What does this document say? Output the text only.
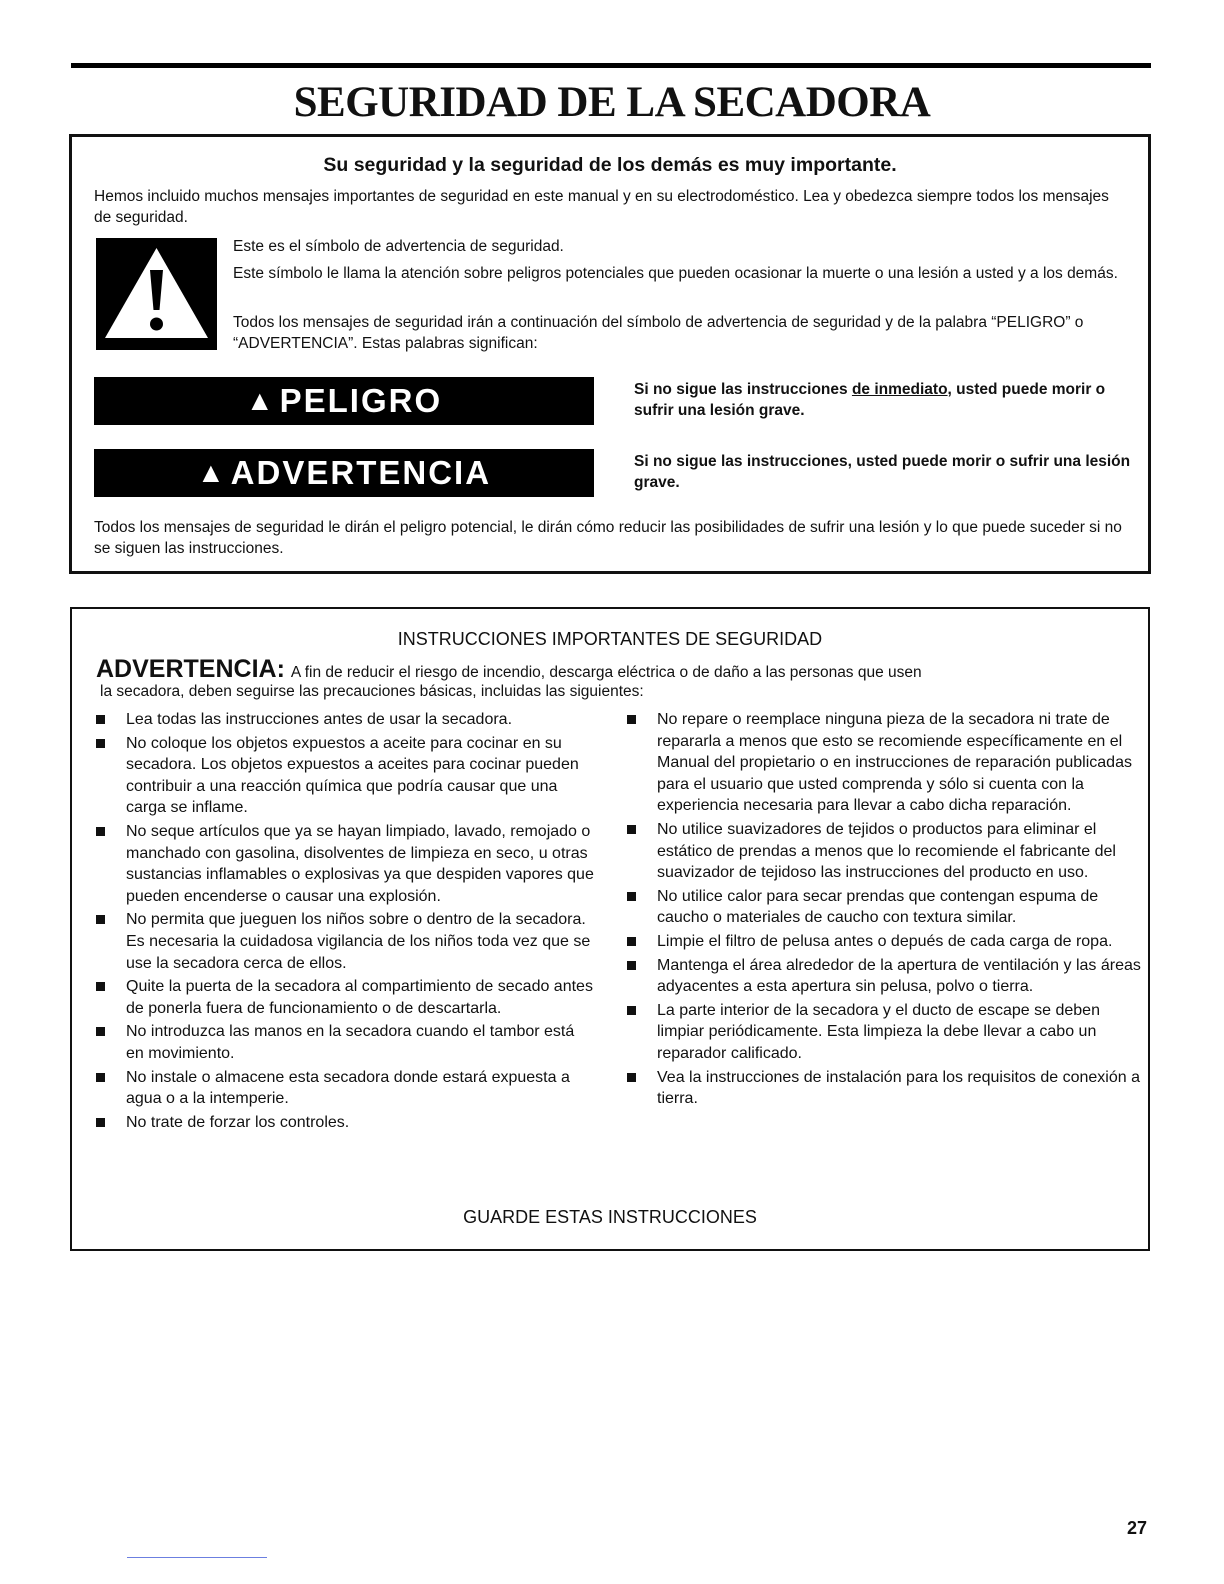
SEGURIDAD DE LA SECADORA
Su seguridad y la seguridad de los demás es muy importante.
Hemos incluido muchos mensajes importantes de seguridad en este manual y en su electrodoméstico. Lea y obedezca siempre todos los mensajes de seguridad.
Este es el símbolo de advertencia de seguridad.
Este símbolo le llama la atención sobre peligros potenciales que pueden ocasionar la muerte o una lesión a usted y a los demás.
Todos los mensajes de seguridad irán a continuación del símbolo de advertencia de seguridad y de la palabra “PELIGRO” o “ADVERTENCIA”. Estas palabras significan:
▲ PELIGRO	Si no sigue las instrucciones de inmediato, usted puede morir o sufrir una lesión grave.
▲ ADVERTENCIA	Si no sigue las instrucciones, usted puede morir o sufrir una lesión grave.
Todos los mensajes de seguridad le dirán el peligro potencial, le dirán cómo reducir las posibilidades de sufrir una lesión y lo que puede suceder si no se siguen las instrucciones.
INSTRUCCIONES IMPORTANTES DE SEGURIDAD
ADVERTENCIA: A fin de reducir el riesgo de incendio, descarga eléctrica o de daño a las personas que usen
la secadora, deben seguirse las precauciones básicas, incluidas las siguientes:
Lea todas las instrucciones antes de usar la secadora.
No coloque los objetos expuestos a aceite para cocinar en su secadora. Los objetos expuestos a aceites para cocinar pueden contribuir a una reacción química que podría causar que una carga se inflame.
No seque artículos que ya se hayan limpiado, lavado, remojado o manchado con gasolina, disolventes de limpieza en seco, u otras sustancias inflamables o explosivas ya que despiden vapores que pueden encenderse o causar una explosión.
No permita que jueguen los niños sobre o dentro de la secadora. Es necesaria la cuidadosa vigilancia de los niños toda vez que se use la secadora cerca de ellos.
Quite la puerta de la secadora al compartimiento de secado antes de ponerla fuera de funcionamiento o de descartarla.
No introduzca las manos en la secadora cuando el tambor está en movimiento.
No instale o almacene esta secadora donde estará expuesta a agua o a la intemperie.
No trate de forzar los controles.
No repare o reemplace ninguna pieza de la secadora ni trate de repararla a menos que esto se recomiende específicamente en el Manual del propietario o en instrucciones de reparación publicadas para el usuario que usted comprenda y sólo si cuenta con la experiencia necesaria para llevar a cabo dicha reparación.
No utilice suavizadores de tejidos o productos para eliminar el estático de prendas a menos que lo recomiende el fabricante del suavizador de tejidoso las instrucciones del producto en uso.
No utilice calor para secar prendas que contengan espuma de caucho o materiales de caucho con textura similar.
Limpie el filtro de pelusa antes o depués de cada carga de ropa.
Mantenga el área alrededor de la apertura de ventilación y las áreas adyacentes a esta apertura sin pelusa, polvo o tierra.
La parte interior de la secadora y el ducto de escape se deben limpiar periódicamente. Esta limpieza la debe llevar a cabo un reparador calificado.
Vea la instrucciones de instalación para los requisitos de conexión a tierra.
GUARDE ESTAS INSTRUCCIONES
27
